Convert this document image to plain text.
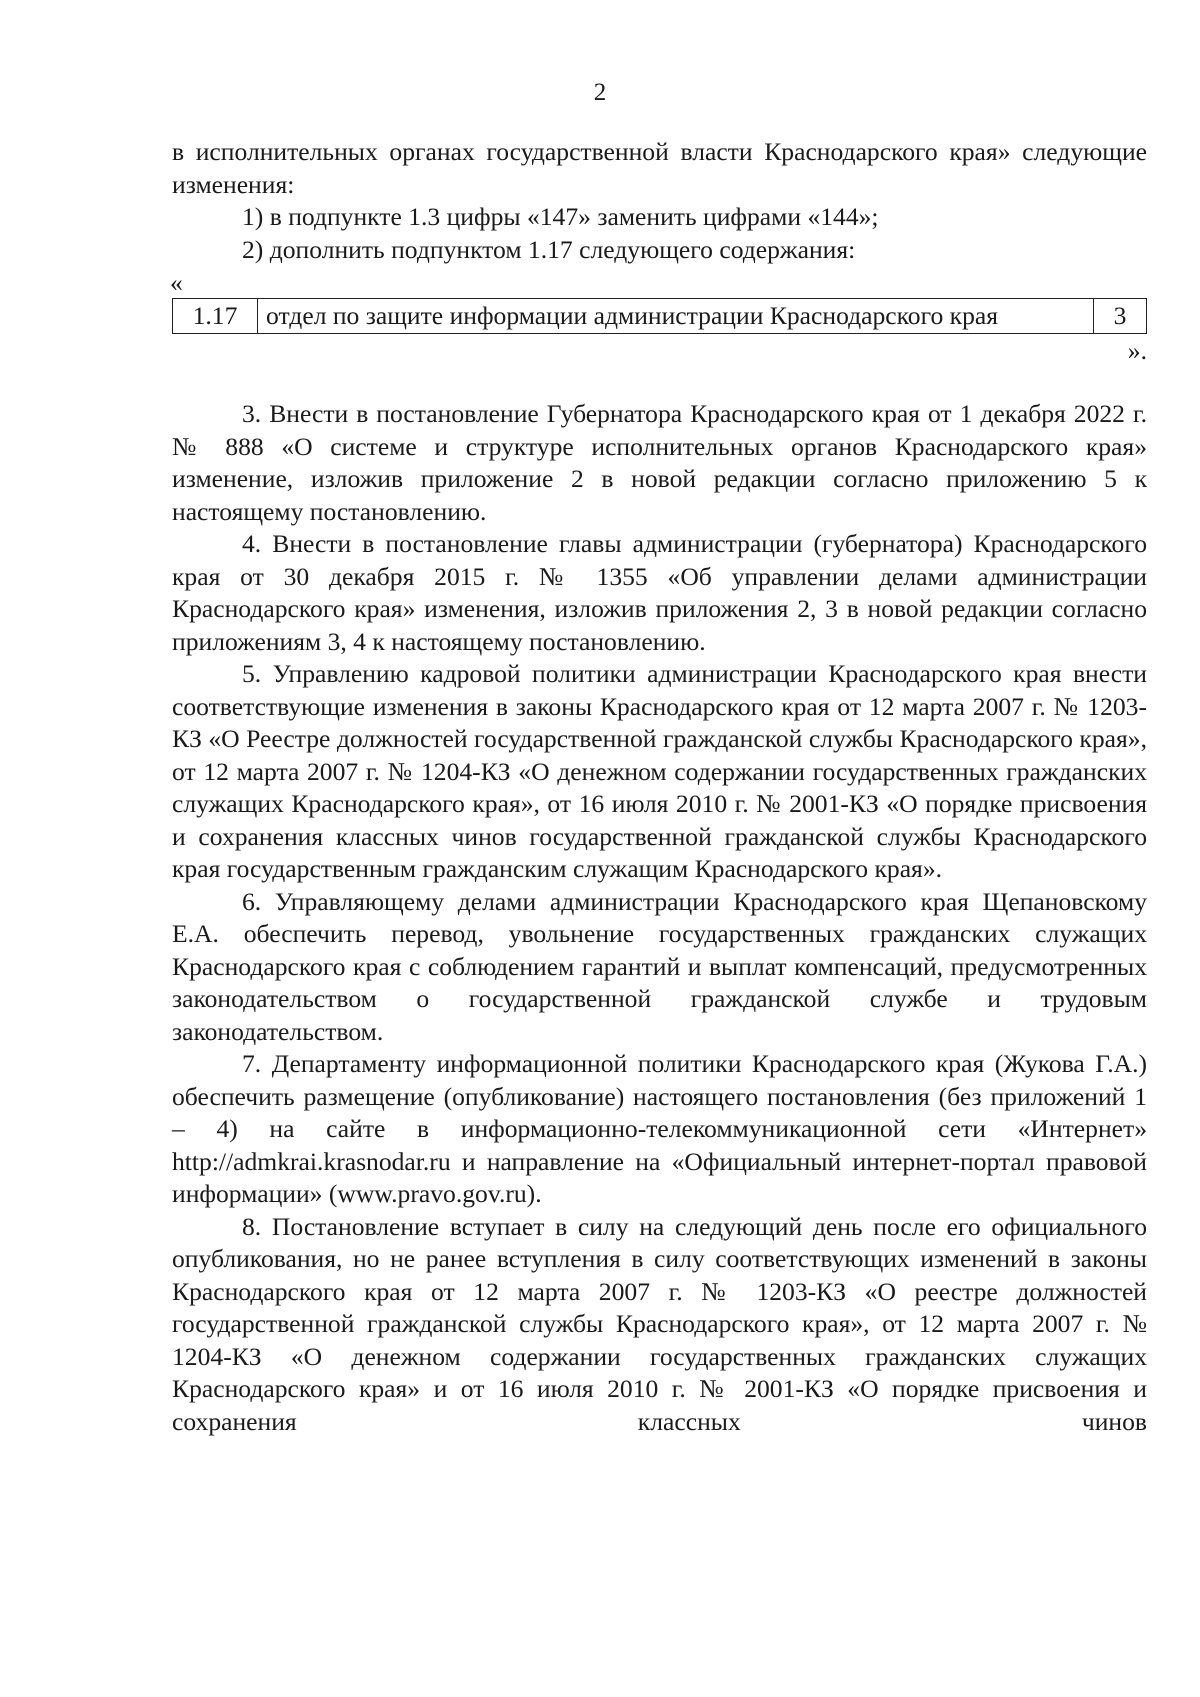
2

в исполнительных органах государственной власти Краснодарского края» следующие изменения:

1) в подпункте 1.3 цифры «147» заменить цифрами «144»;

2) дополнить подпунктом 1.17 следующего содержания:

«
1.17	отдел по защите информации администрации Краснодарского края	3
».

3. Внести в постановление Губернатора Краснодарского края от 1 декабря 2022 г. № 888 «О системе и структуре исполнительных органов Краснодарского края» изменение, изложив приложение 2 в новой редакции согласно приложению 5 к настоящему постановлению.

4. Внести в постановление главы администрации (губернатора) Краснодарского края от 30 декабря 2015 г. № 1355 «Об управлении делами администрации Краснодарского края» изменения, изложив приложения 2, 3 в новой редакции согласно приложениям 3, 4 к настоящему постановлению.

5. Управлению кадровой политики администрации Краснодарского края внести соответствующие изменения в законы Краснодарского края от 12 марта 2007 г. № 1203-КЗ «О Реестре должностей государственной гражданской службы Краснодарского края», от 12 марта 2007 г. № 1204-КЗ «О денежном содержании государственных гражданских служащих Краснодарского края», от 16 июля 2010 г. № 2001-КЗ «О порядке присвоения и сохранения классных чинов государственной гражданской службы Краснодарского края государственным гражданским служащим Краснодарского края».

6. Управляющему делами администрации Краснодарского края Щепановскому Е.А. обеспечить перевод, увольнение государственных гражданских служащих Краснодарского края с соблюдением гарантий и выплат компенсаций, предусмотренных законодательством о государственной гражданской службе и трудовым законодательством.

7. Департаменту информационной политики Краснодарского края (Жукова Г.А.) обеспечить размещение (опубликование) настоящего постановления (без приложений 1 – 4) на сайте в информационно-телекоммуникационной сети «Интернет» http://admkrai.krasnodar.ru и направление на «Официальный интернет-портал правовой информации» (www.pravo.gov.ru).

8. Постановление вступает в силу на следующий день после его официального опубликования, но не ранее вступления в силу соответствующих изменений в законы Краснодарского края от 12 марта 2007 г. № 1203-КЗ «О реестре должностей государственной гражданской службы Краснодарского края», от 12 марта 2007 г. № 1204-КЗ «О денежном содержании государственных гражданских служащих Краснодарского края» и от 16 июля 2010 г. № 2001-КЗ «О порядке присвоения и сохранения классных чинов
